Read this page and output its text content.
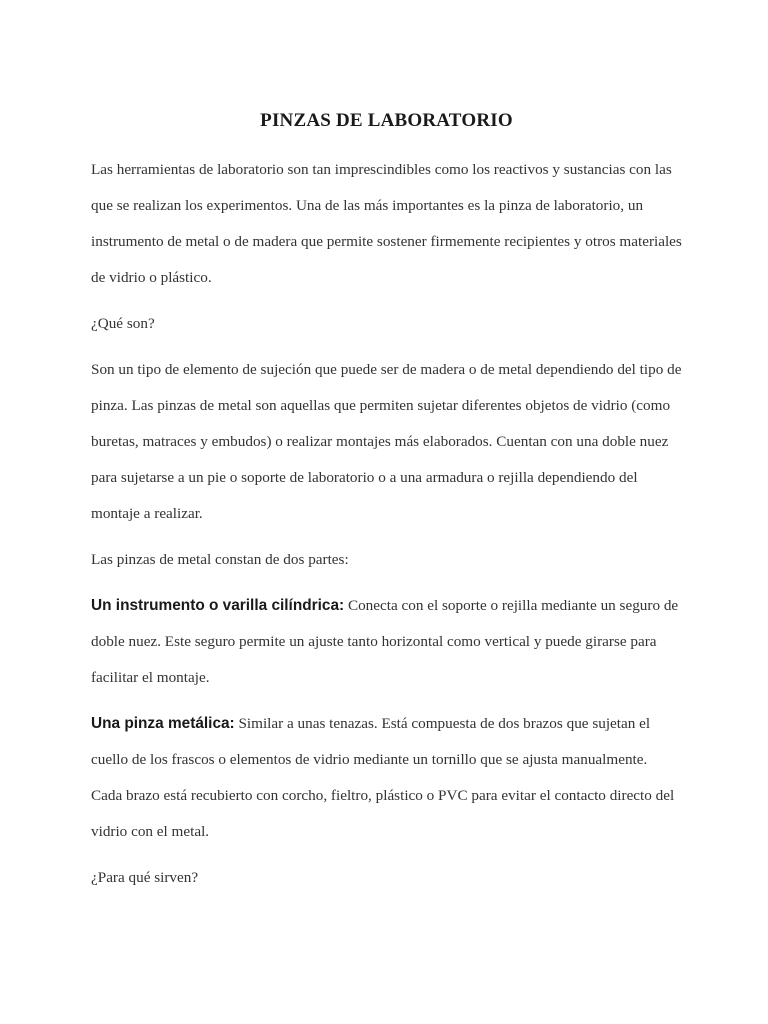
PINZAS DE LABORATORIO

Las herramientas de laboratorio son tan imprescindibles como los reactivos y sustancias con las que se realizan los experimentos. Una de las más importantes es la pinza de laboratorio, un instrumento de metal o de madera que permite sostener firmemente recipientes y otros materiales de vidrio o plástico.

¿Qué son?

Son un tipo de elemento de sujeción que puede ser de madera o de metal dependiendo del tipo de pinza. Las pinzas de metal son aquellas que permiten sujetar diferentes objetos de vidrio (como buretas, matraces y embudos) o realizar montajes más elaborados. Cuentan con una doble nuez para sujetarse a un pie o soporte de laboratorio o a una armadura o rejilla dependiendo del montaje a realizar.

Las pinzas de metal constan de dos partes:

Un instrumento o varilla cilíndrica: Conecta con el soporte o rejilla mediante un seguro de doble nuez. Este seguro permite un ajuste tanto horizontal como vertical y puede girarse para facilitar el montaje.

Una pinza metálica: Similar a unas tenazas. Está compuesta de dos brazos que sujetan el cuello de los frascos o elementos de vidrio mediante un tornillo que se ajusta manualmente. Cada brazo está recubierto con corcho, fieltro, plástico o PVC para evitar el contacto directo del vidrio con el metal.

¿Para qué sirven?
